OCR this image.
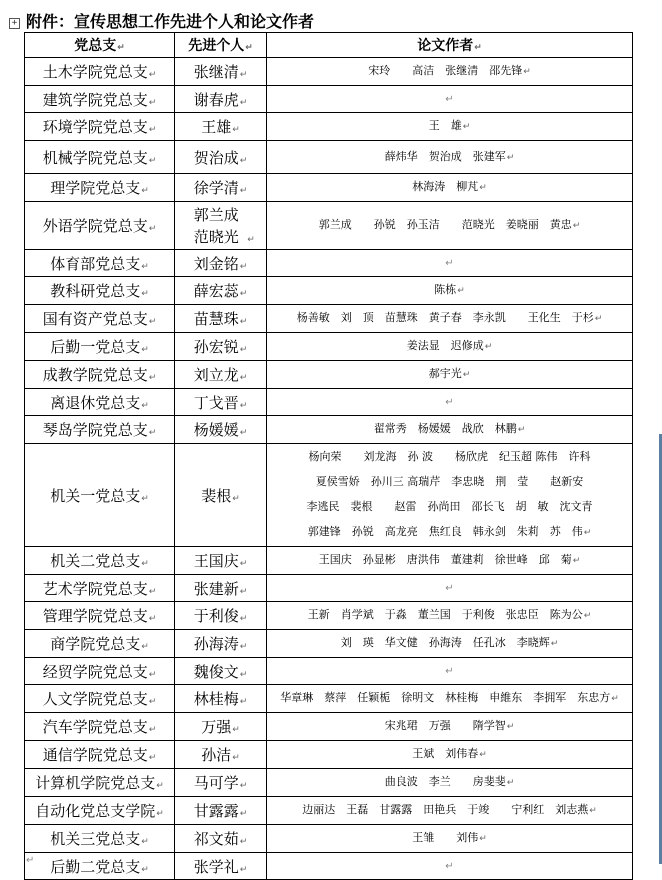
+ 附件：宣传思想工作先进个人和论文作者
党总支↵	先进个人↵	论文作者↵
土木学院党总支↵	张继清↵	宋玲　　高洁　张继清　邵先锋↵

建筑学院党总支↵	谢春虎↵	↵
环境学院党总支↵	王雄↵	王　雄↵

机械学院党总支↵	贺治成↵	薛炜华　贺治成　张建军↵

理学院党总支↵	徐学清↵	林海涛　柳芃↵

外语学院党总支↵	郭兰成 范晓光 ↵	郭兰成　　孙锐　孙玉洁　　范晓光　姜晓丽　黄忠↵

体育部党总支↵	刘金铭↵	↵
教科研党总支↵	薛宏蕊↵	陈栋↵

国有资产党总支↵	苗慧珠↵	杨善敏　刘　顶　苗慧珠　黄子春　李永凯　　王化生　于杉↵

后勤一党总支↵	孙宏锐↵	姜法显　迟修成↵

成教学院党总支↵	刘立龙↵	郝宇光↵

离退休党总支↵	丁戈晋↵	↵
琴岛学院党总支↵	杨媛媛↵	翟常秀　杨媛媛　战欣　林鹏↵

机关一党总支↵	裴根↵	杨向荣　　刘龙海　孙 波　　杨欣虎　纪玉超 陈伟　许科
夏侯雪娇　孙川三 高瑞芹　李忠晓　荆　莹　　赵新安
李逃民　裴根　　赵雷　孙尚田　邵长飞　胡　敏　沈文青
郭建锋　孙锐　高龙亮　焦红良　韩永剑　朱莉　苏　伟↵

机关二党总支↵	王国庆↵	王国庆　孙显彬　唐洪伟　董建莉　徐世峰　邱　菊↵

艺术学院党总支↵	张建新↵	↵
管理学院党总支↵	于利俊↵	王新　肖学斌　于淼　董兰国　于利俊　张忠臣　陈为公↵

商学院党总支↵	孙海涛↵	刘　瑛　华文健　孙海涛　任孔冰　李晓辉↵

经贸学院党总支↵	魏俊文↵	↵
人文学院党总支↵	林桂梅↵	华章琳　蔡萍　任颖栀　徐明文　林桂梅　申維东　李拥军　东忠方↵

汽车学院党总支↵	万强↵	宋兆珺　万强　　隋学智↵

通信学院党总支↵	孙洁↵	王斌　刘伟春↵

计算机学院党总支↵	马可学↵	曲良波　李兰　　房斐斐↵

自动化党总支学院↵	甘露露↵	边丽达　王磊　甘露露　田艳兵　于竣　　宁利红　刘志燕↵

机关三党总支↵	祁文茹↵	王雏　　刘伟↵

后勤二党总支↵	张学礼↵	↵
↵
